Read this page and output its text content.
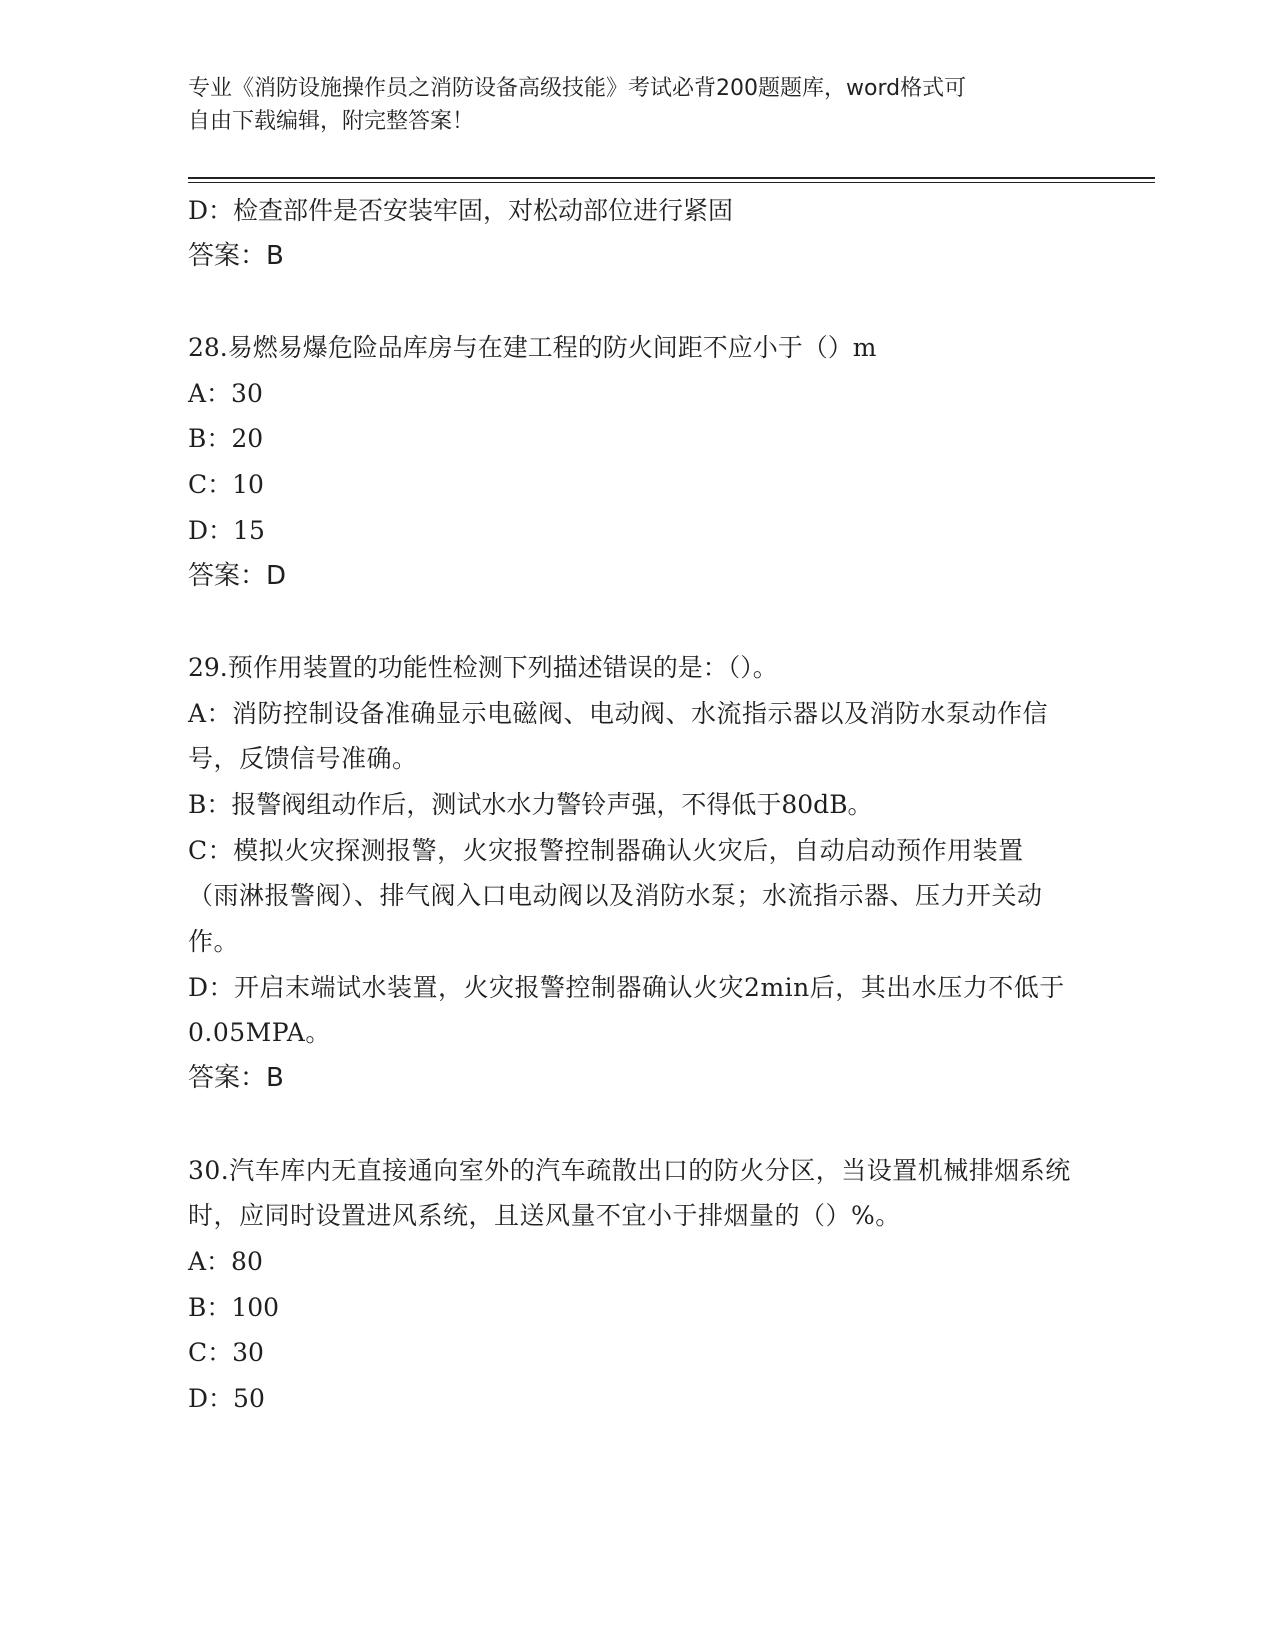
专业《消防设施操作员之消防设备高级技能》考试必背200题题库，word格式可
自由下载编辑，附完整答案！

D：检查部件是否安装牢固，对松动部位进行紧固

答案：B

28.易燃易爆危险品库房与在建工程的防火间距不应小于（）m

A：30

B：20

C：10

D：15

答案：D

29.预作用装置的功能性检测下列描述错误的是：（）。

A：消防控制设备准确显示电磁阀、电动阀、水流指示器以及消防水泵动作信号，反馈信号准确。

B：报警阀组动作后，测试水水力警铃声强，不得低于80dB。

C：模拟火灾探测报警，火灾报警控制器确认火灾后，自动启动预作用装置（雨淋报警阀）、排气阀入口电动阀以及消防水泵；水流指示器、压力开关动作。

D：开启末端试水装置，火灾报警控制器确认火灾2min后，其出水压力不低于0.05MPA。

答案：B

30.汽车库内无直接通向室外的汽车疏散出口的防火分区，当设置机械排烟系统时，应同时设置进风系统，且送风量不宜小于排烟量的（）%。

A：80

B：100

C：30

D：50
